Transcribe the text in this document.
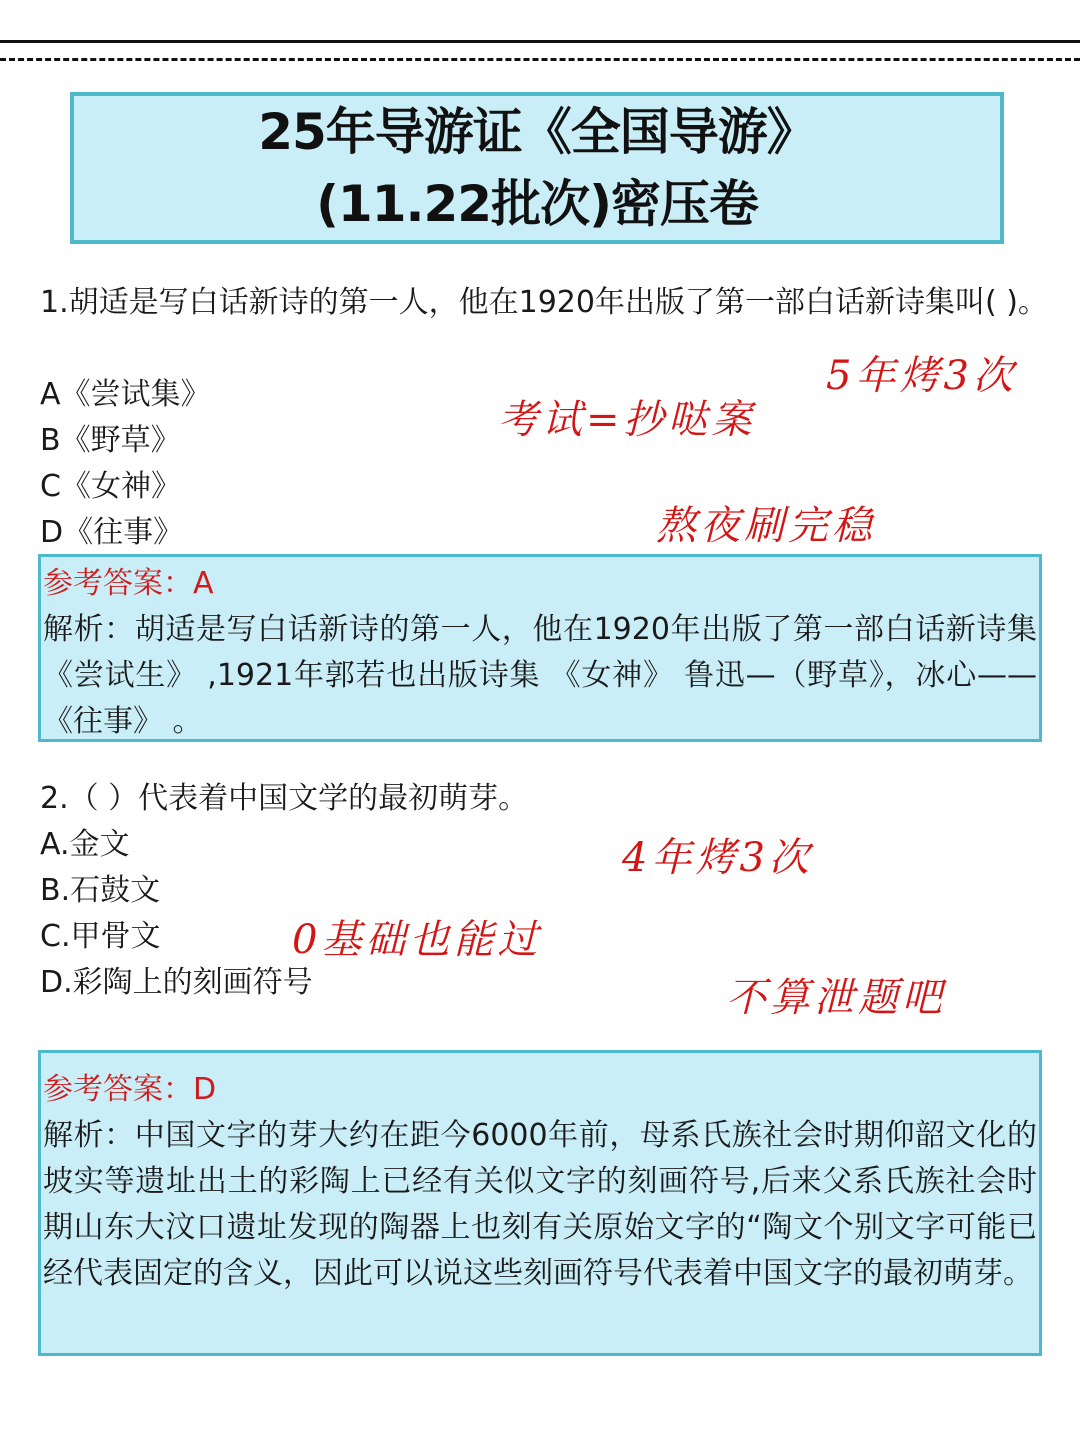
25年导游证《全国导游》
(11.22批次)密压卷
1.胡适是写白话新诗的第一人，他在1920年出版了第一部白话新诗集叫( )。
A《尝试集》
B《野草》
C《女神》
D《往事》
参考答案：A
解析：胡适是写白话新诗的第一人，他在1920年出版了第一部白话新诗集 《尝试生》 ,1921年郭若也出版诗集 《女神》 鲁迅—（野草》，冰心—— 《往事》 。
2.（ ）代表着中国文学的最初萌芽。
A.金文
B.石鼓文
C.甲骨文
D.彩陶上的刻画符号
参考答案：D
解析：中国文字的芽大约在距今6000年前，母系氏族社会时期仰韶文化的坡实等遗址出土的彩陶上已经有关似文字的刻画符号,后来父系氏族社会时期山东大汶口遗址发现的陶器上也刻有关原始文字的“陶文个别文字可能已经代表固定的含义，因此可以说这些刻画符号代表着中国文字的最初萌芽。
5年烤3次
考试=抄哒案
熬夜刷完稳
4年烤3次
0基础也能过
不算泄题吧
